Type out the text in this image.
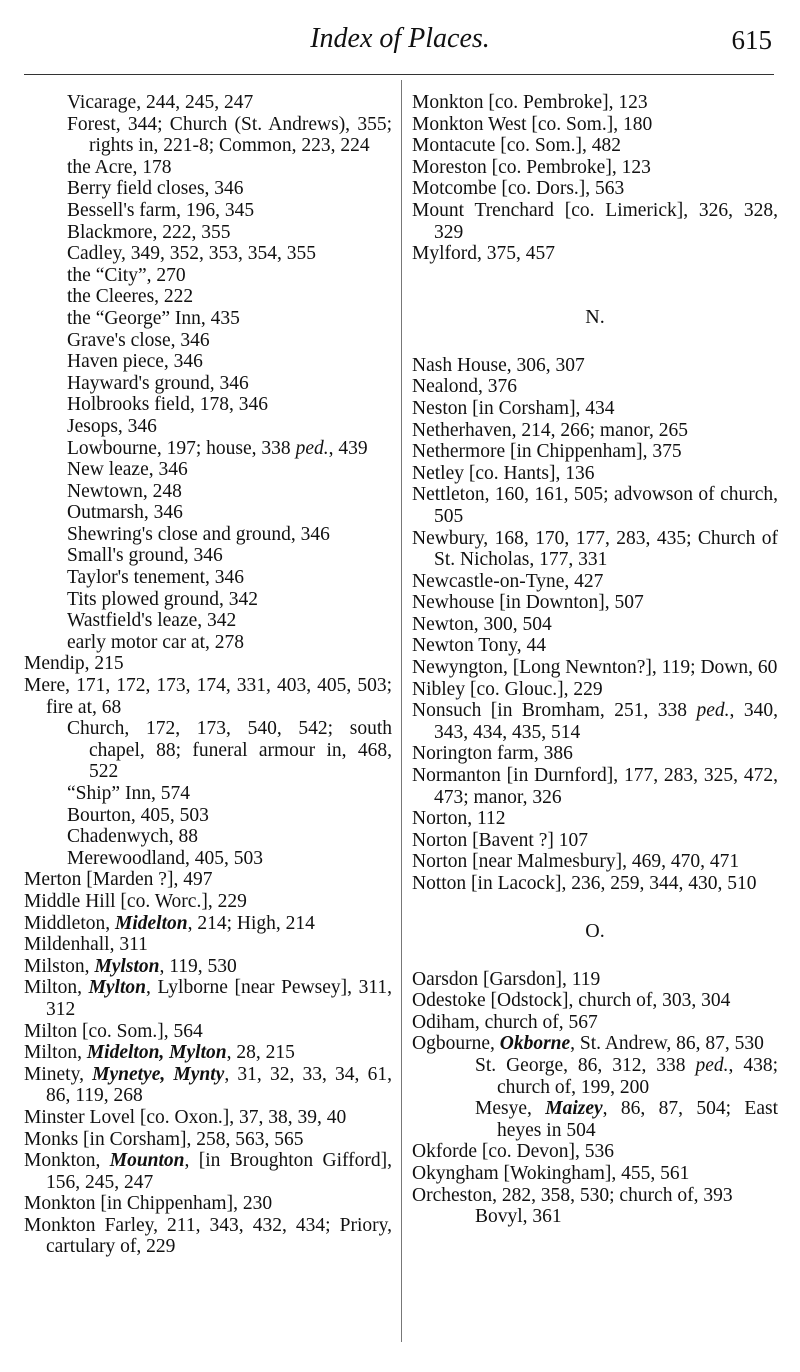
Index of Places.	615

Vicarage, 244, 245, 247

Forest, 344; Church (St. Andrews), 355; rights in, 221-8; Common, 223, 224

the Acre, 178

Berry field closes, 346

Bessell's farm, 196, 345

Blackmore, 222, 355

Cadley, 349, 352, 353, 354, 355

the “City”, 270

the Cleeres, 222

the “George” Inn, 435

Grave's close, 346

Haven piece, 346

Hayward's ground, 346

Holbrooks field, 178, 346

Jesops, 346

Lowbourne, 197; house, 338 ped., 439

New leaze, 346

Newtown, 248

Outmarsh, 346

Shewring's close and ground, 346

Small's ground, 346

Taylor's tenement, 346

Tits plowed ground, 342

Wastfield's leaze, 342

early motor car at, 278

Mendip, 215

Mere, 171, 172, 173, 174, 331, 403, 405, 503; fire at, 68

Church, 172, 173, 540, 542; south chapel, 88; funeral armour in, 468, 522

“Ship” Inn, 574

Bourton, 405, 503

Chadenwych, 88

Merewoodland, 405, 503

Merton [Marden ?], 497

Middle Hill [co. Worc.], 229

Middleton, Midelton, 214; High, 214

Mildenhall, 311

Milston, Mylston, 119, 530

Milton, Mylton, Lylborne [near Pewsey], 311, 312

Milton [co. Som.], 564

Milton, Midelton, Mylton, 28, 215

Minety, Mynetye, Mynty, 31, 32, 33, 34, 61, 86, 119, 268

Minster Lovel [co. Oxon.], 37, 38, 39, 40

Monks [in Corsham], 258, 563, 565

Monkton, Mounton, [in Broughton Gifford], 156, 245, 247

Monkton [in Chippenham], 230

Monkton Farley, 211, 343, 432, 434; Priory, cartulary of, 229

Monkton [co. Pembroke], 123

Monkton West [co. Som.], 180

Montacute [co. Som.], 482

Moreston [co. Pembroke], 123

Motcombe [co. Dors.], 563

Mount Trenchard [co. Limerick], 326, 328, 329

Mylford, 375, 457

N.

Nash House, 306, 307

Nealond, 376

Neston [in Corsham], 434

Netherhaven, 214, 266; manor, 265

Nethermore [in Chippenham], 375

Netley [co. Hants], 136

Nettleton, 160, 161, 505; advowson of church, 505

Newbury, 168, 170, 177, 283, 435; Church of St. Nicholas, 177, 331

Newcastle-on-Tyne, 427

Newhouse [in Downton], 507

Newton, 300, 504

Newton Tony, 44

Newyngton, [Long Newnton?], 119; Down, 60

Nibley [co. Glouc.], 229

Nonsuch [in Bromham, 251, 338 ped., 340, 343, 434, 435, 514

Norington farm, 386

Normanton [in Durnford], 177, 283, 325, 472, 473; manor, 326

Norton, 112

Norton [Bavent ?] 107

Norton [near Malmesbury], 469, 470, 471

Notton [in Lacock], 236, 259, 344, 430, 510

O.

Oarsdon [Garsdon], 119

Odestoke [Odstock], church of, 303, 304

Odiham, church of, 567

Ogbourne, Okborne, St. Andrew, 86, 87, 530

St. George, 86, 312, 338 ped., 438; church of, 199, 200

Mesye, Maizey, 86, 87, 504; East heyes in 504

Okforde [co. Devon], 536

Okyngham [Wokingham], 455, 561

Orcheston, 282, 358, 530; church of, 393

Bovyl, 361
